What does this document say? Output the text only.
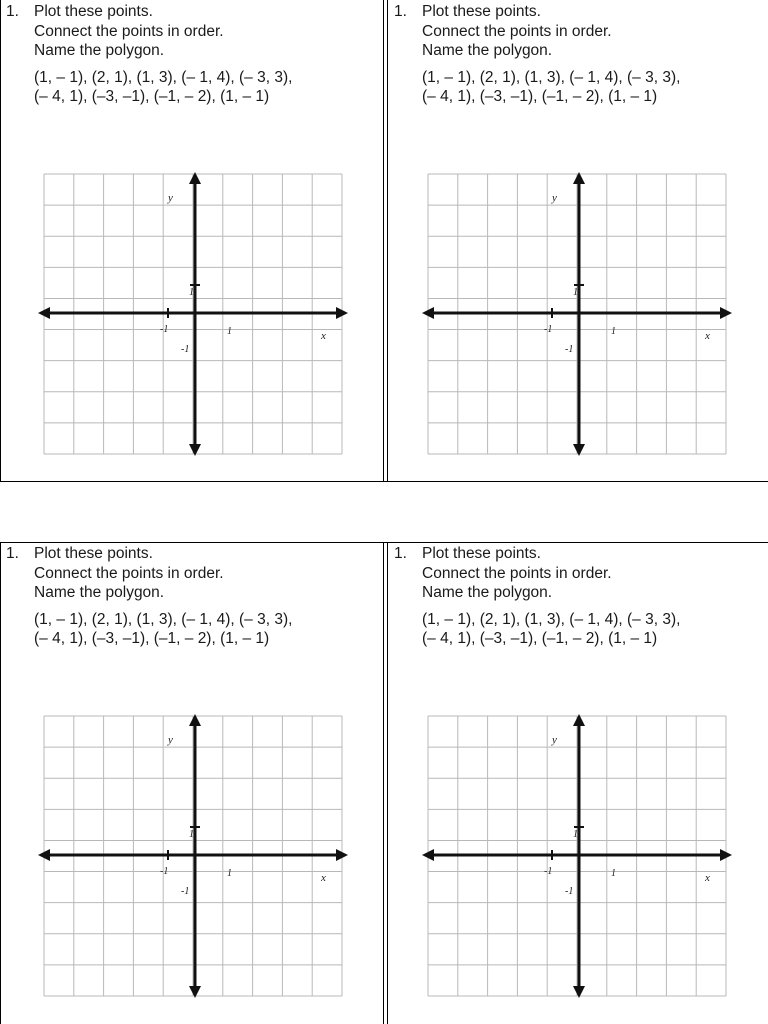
1. Plot these points.
Connect the points in order.
Name the polygon.
(1, – 1), (2, 1), (1, 3), (– 1, 4), (– 3, 3),
(– 4, 1), (–3, –1), (–1, – 2), (1, – 1)
y
x
1
-1	1
-1
1. Plot these points.
Connect the points in order.
Name the polygon.
(1, – 1), (2, 1), (1, 3), (– 1, 4), (– 3, 3),
(– 4, 1), (–3, –1), (–1, – 2), (1, – 1)
y
x
1
-1	1
-1
1. Plot these points.
Connect the points in order.
Name the polygon.
(1, – 1), (2, 1), (1, 3), (– 1, 4), (– 3, 3),
(– 4, 1), (–3, –1), (–1, – 2), (1, – 1)
y
x
1
-1	1
-1
1. Plot these points.
Connect the points in order.
Name the polygon.
(1, – 1), (2, 1), (1, 3), (– 1, 4), (– 3, 3),
(– 4, 1), (–3, –1), (–1, – 2), (1, – 1)
y
x
1
-1	1
-1
